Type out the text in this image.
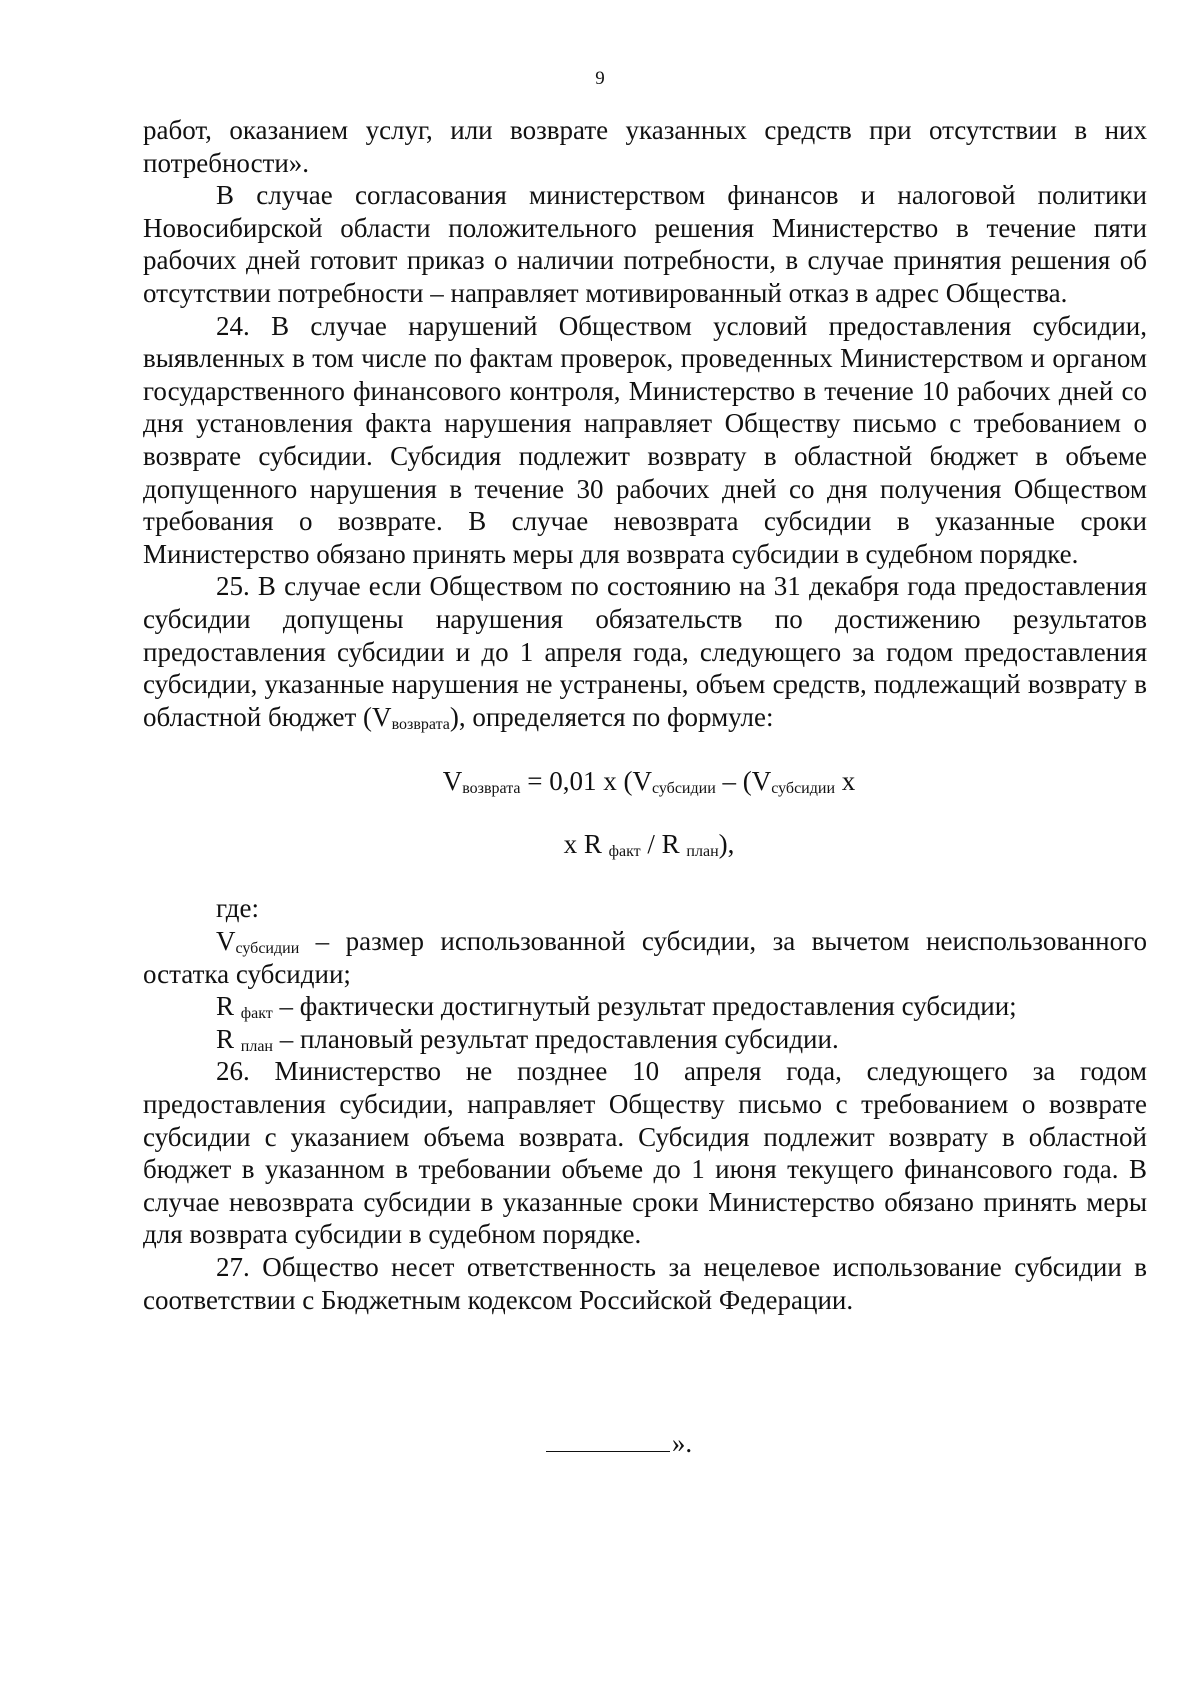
9

работ, оказанием услуг, или возврате указанных средств при отсутствии в них потребности».

В случае согласования министерством финансов и налоговой политики Новосибирской области положительного решения Министерство в течение пяти рабочих дней готовит приказ о наличии потребности, в случае принятия решения об отсутствии потребности – направляет мотивированный отказ в адрес Общества.

24. В случае нарушений Обществом условий предоставления субсидии, выявленных в том числе по фактам проверок, проведенных Министерством и органом государственного финансового контроля, Министерство в течение 10 рабочих дней со дня установления факта нарушения направляет Обществу письмо с требованием о возврате субсидии. Субсидия подлежит возврату в областной бюджет в объеме допущенного нарушения в течение 30 рабочих дней со дня получения Обществом требования о возврате. В случае невозврата субсидии в указанные сроки Министерство обязано принять меры для возврата субсидии в судебном порядке.

25. В случае если Обществом по состоянию на 31 декабря года предоставления субсидии допущены нарушения обязательств по достижению результатов предоставления субсидии и до 1 апреля года, следующего за годом предоставления субсидии, указанные нарушения не устранены, объем средств, подлежащий возврату в областной бюджет $(V_{возврата})$, определяется по формуле:

$V_{возврата} = 0,01$ х ($V_{субсидии} - (V_{субсидии}$ х

х R $_{факт}$ / R $_{план}$),

где:

$V_{субсидии}$ – размер использованной субсидии, за вычетом неиспользованного остатка субсидии;

R $_{факт}$ – фактически достигнутый результат предоставления субсидии;

R $_{план}$ – плановый результат предоставления субсидии.

26. Министерство не позднее 10 апреля года, следующего за годом предоставления субсидии, направляет Обществу письмо с требованием о возврате субсидии с указанием объема возврата. Субсидия подлежит возврату в областной бюджет в указанном в требовании объеме до 1 июня текущего финансового года. В случае невозврата субсидии в указанные сроки Министерство обязано принять меры для возврата субсидии в судебном порядке.

27. Общество несет ответственность за нецелевое использование субсидии в соответствии с Бюджетным кодексом Российской Федерации.

».
